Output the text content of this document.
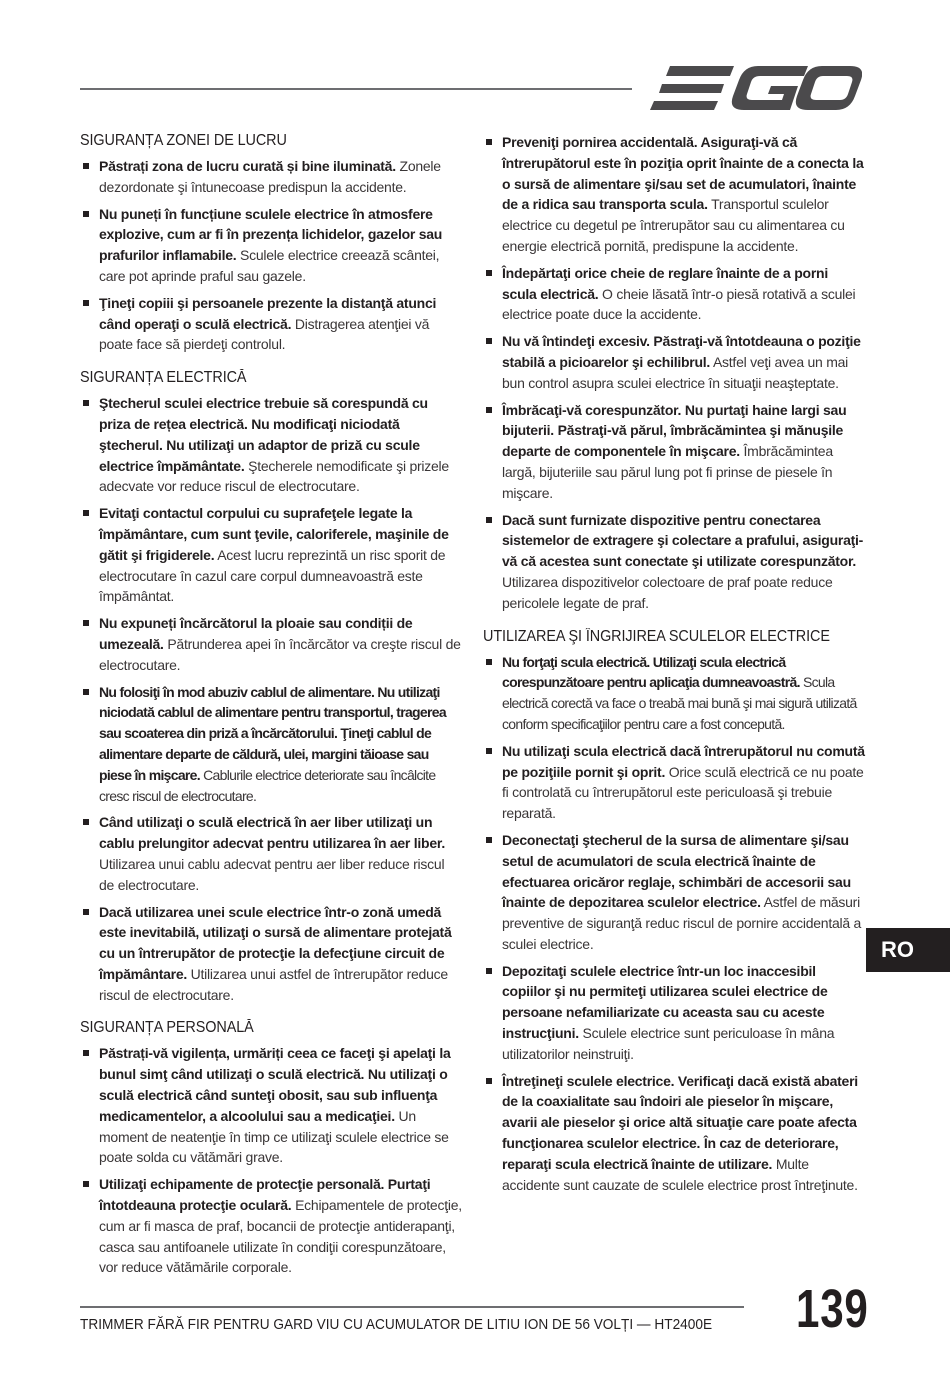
SIGURANȚA ZONEI DE LUCRU
Păstrați zona de lucru curată și bine iluminată. Zonele dezordonate şi întunecoase predispun la accidente.
Nu puneți în funcțiune sculele electrice în atmosfere explozive, cum ar fi în prezența lichidelor, gazelor sau prafurilor inflamabile. Sculele electrice creează scântei, care pot aprinde praful sau gazele.
Ţineţi copiii şi persoanele prezente la distanţă atunci când operaţi o sculă electrică. Distragerea atenţiei vă poate face să pierdeţi controlul.
SIGURANȚA ELECTRICĂ
Ştecherul sculei electrice trebuie să corespundă cu priza de rețea electrică. Nu modificaţi niciodată ştecherul. Nu utilizaţi un adaptor de priză cu scule electrice împământate. Ştecherele nemodificate şi prizele adecvate vor reduce riscul de electrocutare.
Evitaţi contactul corpului cu suprafeţele legate la împământare, cum sunt ţevile, caloriferele, maşinile de gătit şi frigiderele. Acest lucru reprezintă un risc sporit de electrocutare în cazul care corpul dumneavoastră este împământat.
Nu expuneți încărcătorul la ploaie sau condiții de umezeală. Pătrunderea apei în încărcător va creşte riscul de electrocutare.
Nu folosiţi în mod abuziv cablul de alimentare. Nu utilizaţi niciodată cablul de alimentare pentru transportul, tragerea sau scoaterea din priză a încărcătorului. Ţineţi cablul de alimentare departe de căldură, ulei, margini tăioase sau piese în mişcare. Cablurile electrice deteriorate sau încâlcite cresc riscul de electrocutare.
Când utilizaţi o sculă electrică în aer liber utilizaţi un cablu prelungitor adecvat pentru utilizarea în aer liber. Utilizarea unui cablu adecvat pentru aer liber reduce riscul de electrocutare.
Dacă utilizarea unei scule electrice într-o zonă umedă este inevitabilă, utilizaţi o sursă de alimentare protejată cu un întrerupător de protecţie la defecţiune circuit de împământare. Utilizarea unui astfel de întrerupător reduce riscul de electrocutare.
SIGURANȚA PERSONALĂ
Păstrați-vă vigilența, urmăriți ceea ce faceţi şi apelaţi la bunul simţ când utilizaţi o sculă electrică. Nu utilizaţi o sculă electrică când sunteţi obosit, sau sub influenţa medicamentelor, a alcoolului sau a medicaţiei. Un moment de neatenţie în timp ce utilizaţi sculele electrice se poate solda cu vătămări grave.
Utilizaţi echipamente de protecţie personală. Purtaţi întotdeauna protecţie oculară. Echipamentele de protecţie, cum ar fi masca de praf, bocancii de protecţie antiderapanţi, casca sau antifoanele utilizate în condiţii corespunzătoare, vor reduce vătămările corporale.
Preveniţi pornirea accidentală. Asiguraţi-vă că întrerupătorul este în poziţia oprit înainte de a conecta la o sursă de alimentare şi/sau set de acumulatori, înainte de a ridica sau transporta scula. Transportul sculelor electrice cu degetul pe întrerupător sau cu alimentarea cu energie electrică pornită, predispune la accidente.
Îndepărtaţi orice cheie de reglare înainte de a porni scula electrică. O cheie lăsată într-o piesă rotativă a sculei electrice poate duce la accidente.
Nu vă întindeţi excesiv. Păstraţi-vă întotdeauna o poziţie stabilă a picioarelor şi echilibrul. Astfel veţi avea un mai bun control asupra sculei electrice în situaţii neaşteptate.
Îmbrăcaţi-vă corespunzător. Nu purtaţi haine largi sau bijuterii. Păstraţi-vă părul, îmbrăcămintea şi mănuşile departe de componentele în mişcare. Îmbrăcămintea largă, bijuteriile sau părul lung pot fi prinse de piesele în mişcare.
Dacă sunt furnizate dispozitive pentru conectarea sistemelor de extragere şi colectare a prafului, asiguraţi-vă că acestea sunt conectate şi utilizate corespunzător. Utilizarea dispozitivelor colectoare de praf poate reduce pericolele legate de praf.
UTILIZAREA ŞI ÎNGRIJIREA SCULELOR ELECTRICE
Nu forţaţi scula electrică. Utilizaţi scula electrică corespunzătoare pentru aplicaţia dumneavoastră. Scula electrică corectă va face o treabă mai bună şi mai sigură utilizată conform specificaţiilor pentru care a fost concepută.
Nu utilizaţi scula electrică dacă întrerupătorul nu comută pe poziţiile pornit şi oprit. Orice sculă electrică ce nu poate fi controlată cu întrerupătorul este periculoasă şi trebuie reparată.
Deconectaţi ştecherul de la sursa de alimentare şi/sau setul de acumulatori de scula electrică înainte de efectuarea oricăror reglaje, schimbări de accesorii sau înainte de depozitarea sculelor electrice. Astfel de măsuri preventive de siguranţă reduc riscul de pornire accidentală a sculei electrice.
Depozitaţi sculele electrice într-un loc inaccesibil copiilor şi nu permiteţi utilizarea sculei electrice de persoane nefamiliarizate cu aceasta sau cu aceste instrucţiuni. Sculele electrice sunt periculoase în mâna utilizatorilor neinstruiţi.
Întreţineţi sculele electrice. Verificaţi dacă există abateri de la coaxialitate sau îndoiri ale pieselor în mişcare, avarii ale pieselor şi orice altă situaţie care poate afecta funcţionarea sculelor electrice. În caz de deteriorare, reparaţi scula electrică înainte de utilizare. Multe accidente sunt cauzate de sculele electrice prost întreţinute.
RO
TRIMMER FĂRĂ FIR PENTRU GARD VIU CU ACUMULATOR DE LITIU ION DE 56 VOLȚI — HT2400E 139
